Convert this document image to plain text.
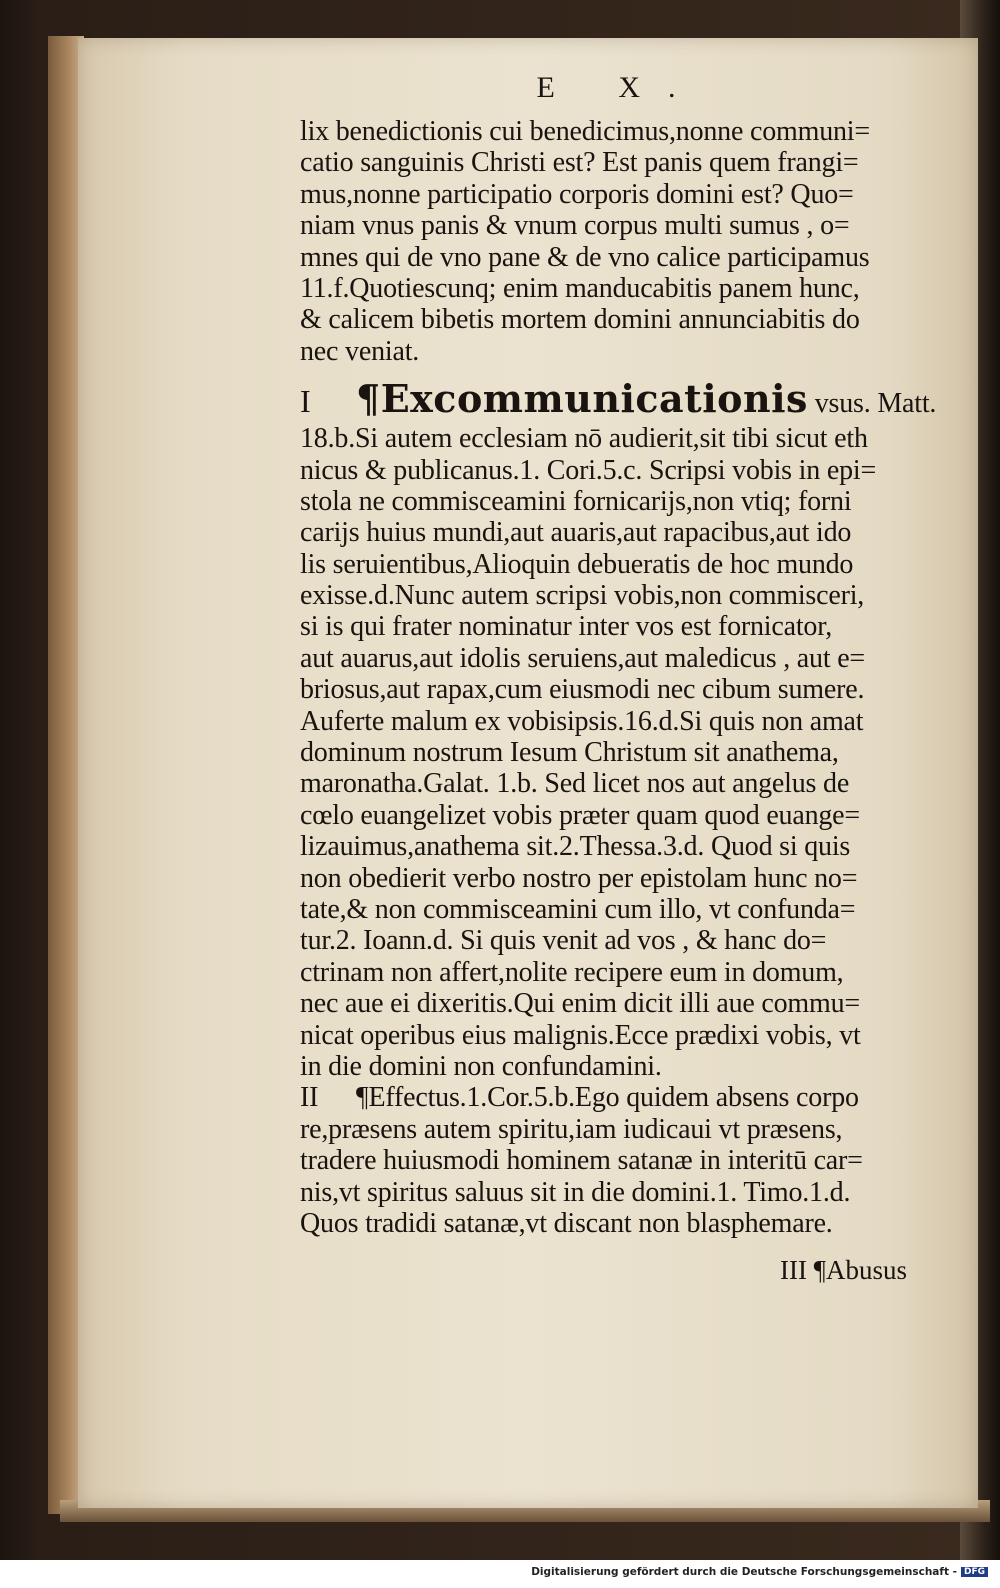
E X.
lix benedictionis cui benedicimus,nonne communi=
catio sanguinis Christi est? Est panis quem frangi=
mus,nonne participatio corporis domini est? Quo=
niam vnus panis & vnum corpus multi sumus , o=
mnes qui de vno pane & de vno calice participamus
11.f.Quotiescunq; enim manducabitis panem hunc,
& calicem bibetis mortem domini annunciabitis do
nec veniat.
I ¶Excommunicationis vsus. Matt.
18.b.Si autem ecclesiam nō audierit,sit tibi sicut eth
nicus & publicanus.1. Cori.5.c. Scripsi vobis in epi=
stola ne commisceamini fornicarijs,non vtiq; forni
carijs huius mundi,aut auaris,aut rapacibus,aut ido
lis seruientibus,Alioquin debueratis de hoc mundo
exisse.d.Nunc autem scripsi vobis,non commisceri,
si is qui frater nominatur inter vos est fornicator,
aut auarus,aut idolis seruiens,aut maledicus , aut e=
briosus,aut rapax,cum eiusmodi nec cibum sumere.
Auferte malum ex vobisipsis.16.d.Si quis non amat
dominum nostrum Iesum Christum sit anathema,
maronatha.Galat. 1.b. Sed licet nos aut angelus de
cœlo euangelizet vobis præter quam quod euange=
lizauimus,anathema sit.2.Thessa.3.d. Quod si quis
non obedierit verbo nostro per epistolam hunc no=
tate,& non commisceamini cum illo, vt confunda=
tur.2. Ioann.d. Si quis venit ad vos , & hanc do=
ctrinam non affert,nolite recipere eum in domum,
nec aue ei dixeritis.Qui enim dicit illi aue commu=
nicat operibus eius malignis.Ecce prædixi vobis, vt
in die domini non confundamini.
II ¶Effectus.1.Cor.5.b.Ego quidem absens corpo
re,præsens autem spiritu,iam iudicaui vt præsens,
tradere huiusmodi hominem satanæ in interitū car=
nis,vt spiritus saluus sit in die domini.1. Timo.1.d.
Quos tradidi satanæ,vt discant non blasphemare.
III ¶Abusus
Digitalisierung gefördert durch die Deutsche Forschungsgemeinschaft - DFG
